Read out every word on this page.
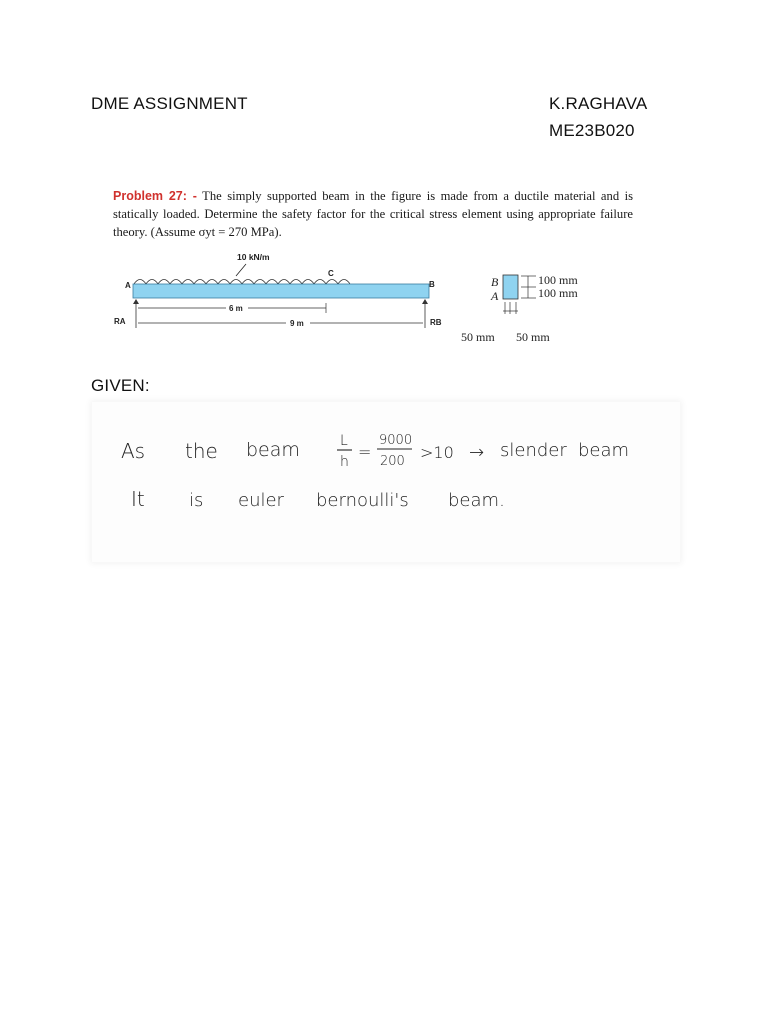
DME ASSIGNMENT	K.RAGHAVA
ME23B020
Problem 27: - The simply supported beam in the figure is made from a ductile material and is statically loaded. Determine the safety factor for the critical stress element using appropriate failure theory. (Assume σyt = 270 MPa).
10 kN/m
A	B
C
RA	RB
6 m
9 m
B
A
100 mm
100 mm
50 mm 50 mm
GIVEN:
As the beam	L
h
=
9000
200 >10 → slender beam
It is euler bernoulli's beam.
